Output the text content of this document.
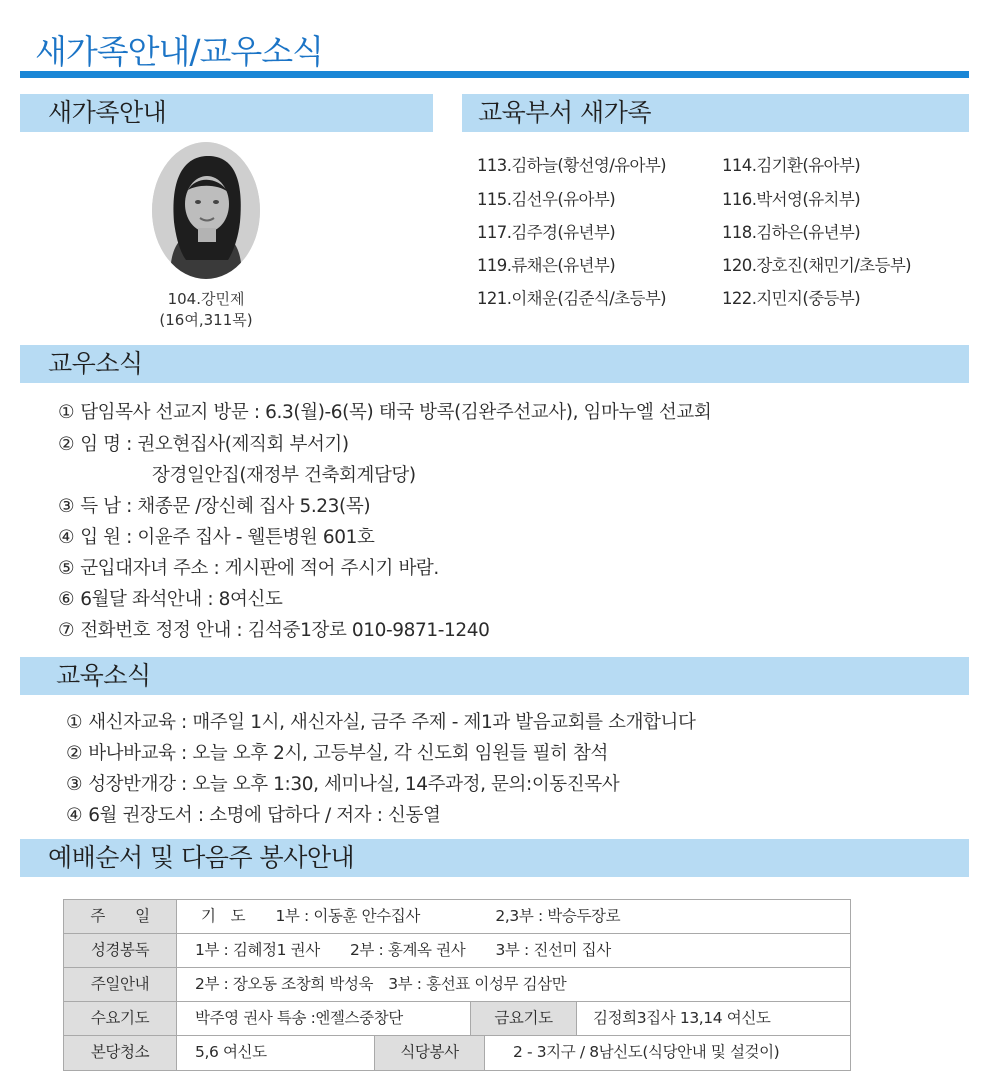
새가족안내/교우소식
새가족안내
104.강민제
(16여,311목)
교육부서 새가족
113.김하늘(황선영/유아부)	114.김기환(유아부)
115.김선우(유아부)	116.박서영(유치부)
117.김주경(유년부)	118.김하은(유년부)
119.류채은(유년부)	120.장호진(채민기/초등부)
121.이채운(김준식/초등부)	122.지민지(중등부)
교우소식
① 담임목사 선교지 방문 : 6.3(월)-6(목) 태국 방콕(김완주선교사), 임마누엘 선교회
② 임 명 : 권오현집사(제직회 부서기)
장경일안집(재정부 건축회계담당)
③ 득 남 : 채종문 /장신혜 집사 5.23(목)
④ 입 원 : 이윤주 집사 - 웰튼병원 601호
⑤ 군입대자녀 주소 : 게시판에 적어 주시기 바람.
⑥ 6월달 좌석안내 : 8여신도
⑦ 전화번호 정정 안내 : 김석중1장로 010-9871-1240
교육소식
① 새신자교육 : 매주일 1시, 새신자실, 금주 주제 - 제1과 발음교회를 소개합니다
② 바나바교육 : 오늘 오후 2시, 고등부실, 각 신도회 임원들 필히 참석
③ 성장반개강 : 오늘 오후 1:30, 세미나실, 14주과정, 문의:이동진목사
④ 6월 권장도서 : 소명에 답하다 / 저자 : 신동열
예배순서 및 다음주 봉사안내
주　　일	기　도　　1부 : 이동훈 안수집사　　　　　2,3부 : 박승두장로
성경봉독	1부 : 김혜정1 권사　　2부 : 홍계옥 권사　　3부 : 진선미 집사
주일안내	2부 : 장오동 조창희 박성욱　3부 : 홍선표 이성무 김삼만
수요기도	박주영 권사 특송 :엔젤스중창단	금요기도	김정희3집사 13,14 여신도
본당청소	5,6 여신도	식당봉사	2 - 3지구 / 8남신도(식당안내 및 설겆이)
